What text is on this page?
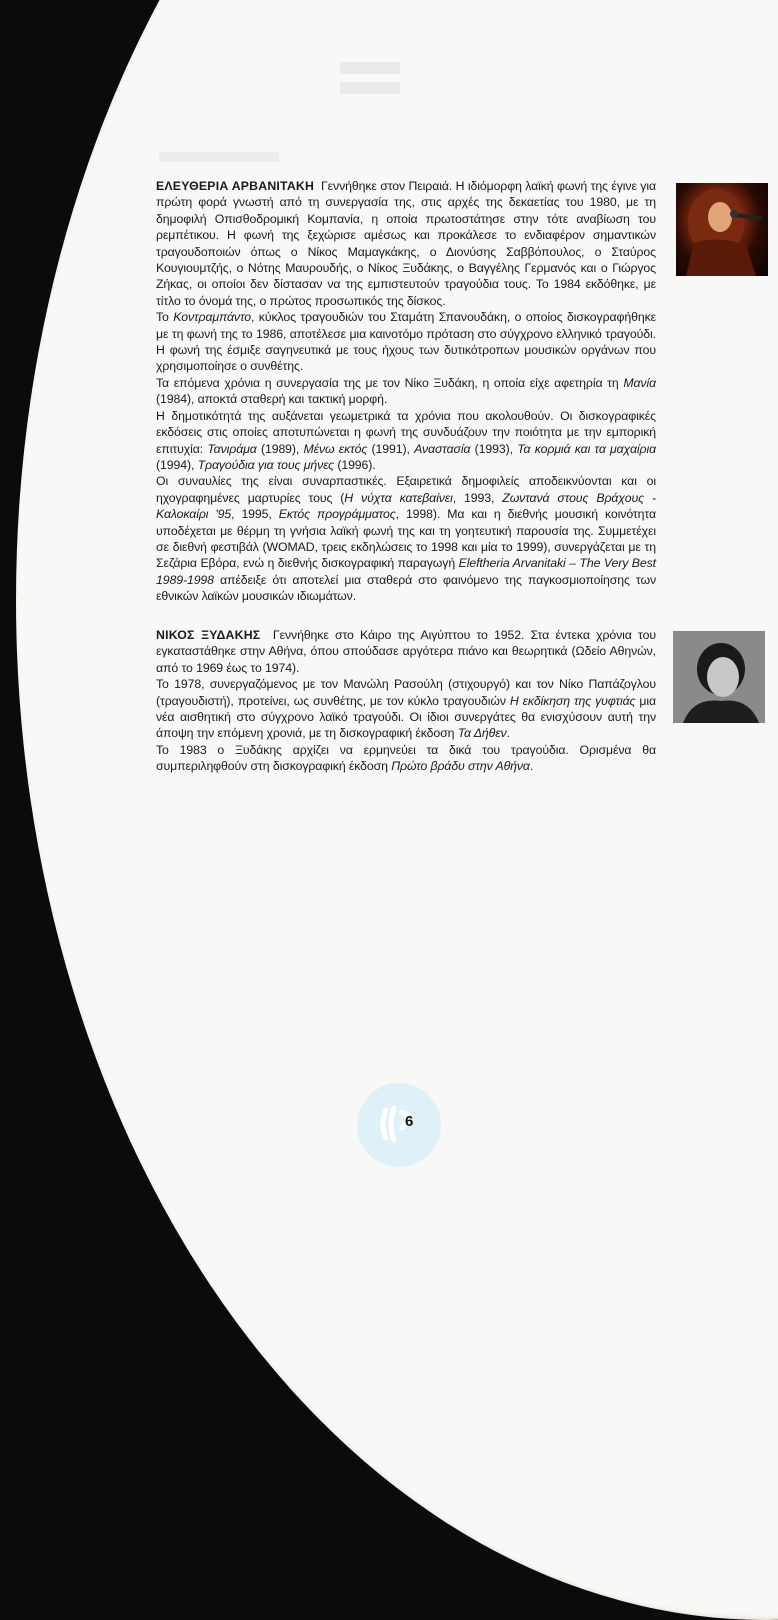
ΕΛΕΥΘΕΡΙΑ ΑΡΒΑΝΙΤΑΚΗ Γεννήθηκε στον Πειραιά. Η ιδιόμορφη λαϊκή φωνή της έγινε για πρώτη φορά γνωστή από τη συνεργασία της, στις αρχές της δεκαετίας του 1980, με τη δημοφιλή Οπισθοδρομική Κομπανία, η οποία πρωτοστάτησε στην τότε αναβίωση του ρεμπέτικου. Η φωνή της ξεχώρισε αμέσως και προκάλεσε το ενδιαφέρον σημαντικών τραγουδοποιών όπως ο Νίκος Μαμαγκάκης, ο Διονύσης Σαββόπουλος, ο Σταύρος Κουγιουμτζής, ο Νότης Μαυρουδής, ο Νίκος Ξυδάκης, ο Βαγγέλης Γερμανός και ο Γιώργος Ζήκας, οι οποίοι δεν δίστασαν να της εμπιστευτούν τραγούδια τους. Το 1984 εκδόθηκε, με τίτλο το όνομά της, ο πρώτος προσωπικός της δίσκος.

Το Κοντραμπάντο, κύκλος τραγουδιών του Σταμάτη Σπανουδάκη, ο οποίος δισκογραφήθηκε με τη φωνή της το 1986, αποτέλεσε μια καινοτόμο πρόταση στο σύγχρονο ελληνικό τραγούδι. Η φωνή της έσμιξε σαγηνευτικά με τους ήχους των δυτικότροπων μουσικών οργάνων που χρησιμοποίησε ο συνθέτης.

Τα επόμενα χρόνια η συνεργασία της με τον Νίκο Ξυδάκη, η οποία είχε αφετηρία τη Μανία (1984), αποκτά σταθερή και τακτική μορφή.

Η δημοτικότητά της αυξάνεται γεωμετρικά τα χρόνια που ακολουθούν. Οι δισκογραφικές εκδόσεις στις οποίες αποτυπώνεται η φωνή της συνδυάζουν την ποιότητα με την εμπορική επιτυχία: Τανιράμα (1989), Μένω εκτός (1991), Αναστασία (1993), Τα κορμιά και τα μαχαίρια (1994), Τραγούδια για τους μήνες (1996).

Οι συναυλίες της είναι συναρπαστικές. Εξαιρετικά δημοφιλείς αποδεικνύονται και οι ηχογραφημένες μαρτυρίες τους (Η νύχτα κατεβαίνει, 1993, Ζωντανά στους Βράχους - Καλοκαίρι '95, 1995, Εκτός προγράμματος, 1998). Μα και η διεθνής μουσική κοινότητα υποδέχεται με θέρμη τη γνήσια λαϊκή φωνή της και τη γοητευτική παρουσία της. Συμμετέχει σε διεθνή φεστιβάλ (WOMAD, τρεις εκδηλώσεις το 1998 και μία το 1999), συνεργάζεται με τη Σεζάρια Εβόρα, ενώ η διεθνής δισκογραφική παραγωγή Eleftheria Arvanitaki – The Very Best 1989-1998 απέδειξε ότι αποτελεί μια σταθερά στο φαινόμενο της παγκοσμιοποίησης των εθνικών λαϊκών μουσικών ιδιωμάτων.

ΝΙΚΟΣ ΞΥΔΑΚΗΣ Γεννήθηκε στο Κάιρο της Αιγύπτου το 1952. Στα έντεκα χρόνια του εγκαταστάθηκε στην Αθήνα, όπου σπούδασε αργότερα πιάνο και θεωρητικά (Ωδείο Αθηνών, από το 1969 έως το 1974).

Το 1978, συνεργαζόμενος με τον Μανώλη Ρασούλη (στιχουργό) και τον Νίκο Παπάζογλου (τραγουδιστή), προτείνει, ως συνθέτης, με τον κύκλο τραγουδιών Η εκδίκηση της γυφτιάς μια νέα αισθητική στο σύγχρονο λαϊκό τραγούδι. Οι ίδιοι συνεργάτες θα ενισχύσουν αυτή την άποψη την επόμενη χρονιά, με τη δισκογραφική έκδοση Τα Δήθεν.

Το 1983 ο Ξυδάκης αρχίζει να ερμηνεύει τα δικά του τραγούδια. Ορισμένα θα συμπεριληφθούν στη δισκογραφική έκδοση Πρώτο βράδυ στην Αθήνα.

6
